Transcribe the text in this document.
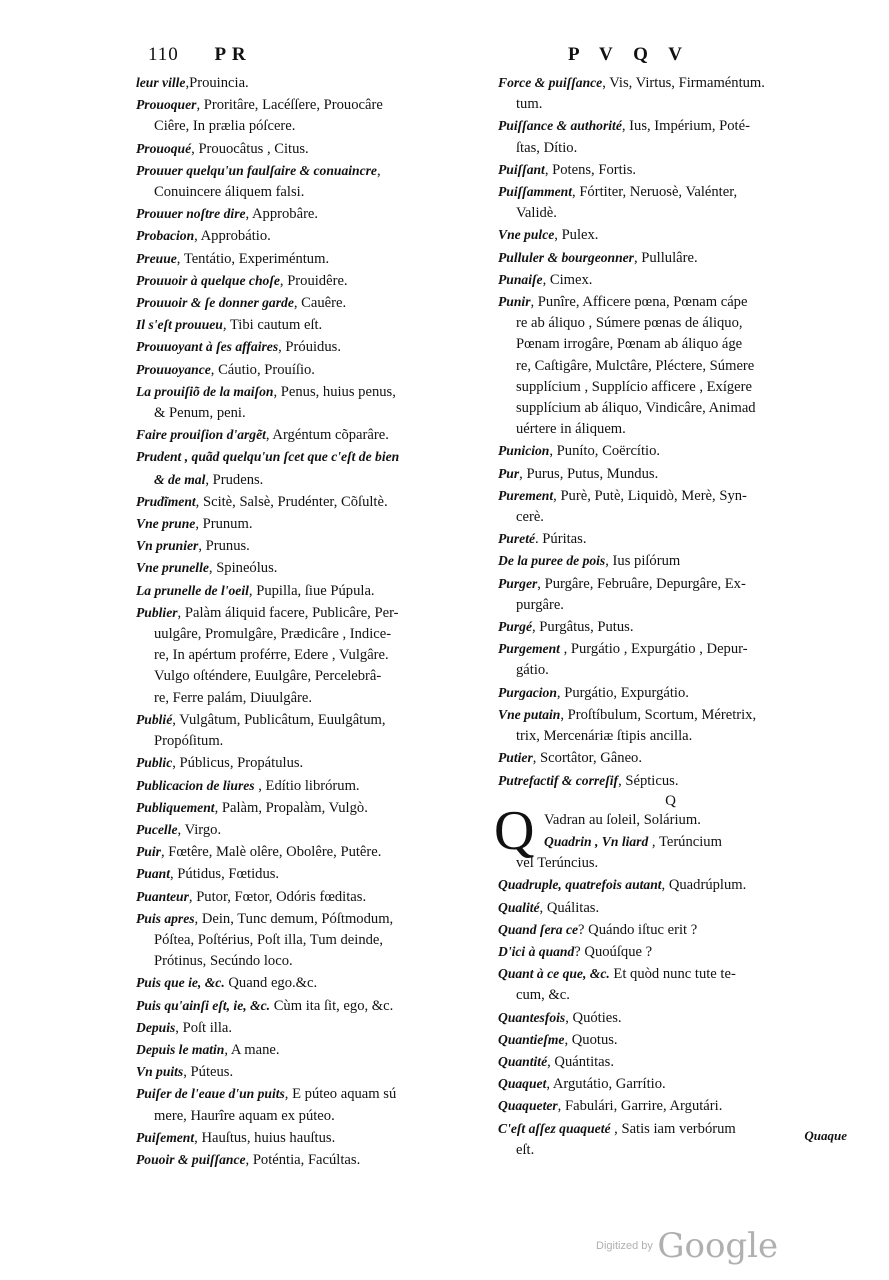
110 P R	P V Q V
leur ville,Prouincia.
Prouoquer, Proritâre, Lacéſſere, Prouocâre
Ciêre, In prælia póſcere.
Prouoqué, Prouocâtus , Citus.
Prouuer quelqu'un faulſaire & conuaincre,
Conuincere áliquem falsi.
Prouuer noſtre dire, Approbâre.
Probacion, Approbátio.
Preuue, Tentátio, Experiméntum.
Prouuoir à quelque choſe, Prouidêre.
Prouuoir & ſe donner garde, Cauêre.
Il s'eſt prouueu, Tibi cautum eſt.
Prouuoyant à ſes affaires, Próuidus.
Prouuoyance, Cáutio, Prouíſio.
La prouiſiõ de la maiſon, Penus, huius penus,
& Penum, peni.
Faire prouiſion d'argẽt, Argéntum cõparâre.
Prudent , quãd quelqu'un ſcet que c'eſt de bien
& de mal, Prudens.
Prudĩment, Scitè, Salsè, Prudénter, Cõſultè.
Vne prune, Prunum.
Vn prunier, Prunus.
Vne prunelle, Spineólus.
La prunelle de l'oeil, Pupilla, ſiue Púpula.
Publier, Palàm áliquid facere, Publicâre, Per-
uulgâre, Promulgâre, Prædicâre , Indice-
re, In apértum proférre, Edere , Vulgâre.
Vulgo oſténdere, Euulgâre, Percelebrâ-
re, Ferre palám, Diuulgâre.
Publié, Vulgâtum, Publicâtum, Euulgâtum,
Propóſitum.
Public, Públicus, Propátulus.
Publicacion de liures , Edítio librórum.
Publiquement, Palàm, Propalàm, Vulgò.
Pucelle, Virgo.
Puir, Fœtêre, Malè olêre, Obolêre, Putêre.
Puant, Pútidus, Fœtidus.
Puanteur, Putor, Fœtor, Odóris fœditas.
Puis apres, Dein, Tunc demum, Póſtmodum,
Póſtea, Poſtérius, Poſt illa, Tum deinde,
Prótinus, Secúndo loco.
Puis que ie, &c. Quand ego.&c.
Puis qu'ainſi eſt, ie, &c. Cùm ita ſit, ego, &c.
Depuis, Poſt illa.
Depuis le matin, A mane.
Vn puits, Púteus.
Puiſer de l'eaue d'un puits, E púteo aquam sú
mere, Haurîre aquam ex púteo.
Puiſement, Hauſtus, huius hauſtus.
Pouoir & puiſſance, Poténtia, Facúltas.
Force & puiſſance, Vis, Virtus, Firmaméntum.
tum.
Puiſſance & authorité, Ius, Impérium, Poté-
ſtas, Dítio.
Puiſſant, Potens, Fortis.
Puiſſamment, Fórtiter, Neruosè, Valénter,
Validè.
Vne pulce, Pulex.
Pulluler & bourgeonner, Pullulâre.
Punaiſe, Cimex.
Punir, Punîre, Afficere pœna, Pœnam cápe
re ab áliquo , Súmere pœnas de áliquo,
Pœnam irrogâre, Pœnam ab áliquo áge
re, Caſtigâre, Mulctâre, Pléctere, Súmere
supplícium , Supplício afficere , Exígere
supplícium ab áliquo, Vindicâre, Animad
uértere in áliquem.
Punicion, Puníto, Coërcítio.
Pur, Purus, Putus, Mundus.
Purement, Purè, Putè, Liquidò, Merè, Syn-
cerè.
Pureté. Púritas.
De la puree de pois, Ius piſórum
Purger, Purgâre, Februâre, Depurgâre, Ex-
purgâre.
Purgé, Purgâtus, Putus.
Purgement , Purgátio , Expurgátio , Depur-
gátio.
Purgacion, Purgátio, Expurgátio.
Vne putain, Proſtíbulum, Scortum, Méretrix,
trix, Mercenáriæ ſtipis ancilla.
Putier, Scortâtor, Gâneo.
Putrefactif & correſif, Sépticus.
Q
Q Vadran au ſoleil, Solárium.
Quadrin , Vn liard , Terúncium
vel Terúncius.
Quadruple, quatrefois autant, Quadrúplum.
Qualité, Quálitas.
Quand ſera ce? Quándo iſtuc erit ?
D'ici à quand? Quoúſque ?
Quant à ce que, &c. Et quòd nunc tute te-
cum, &c.
Quantesfois, Quóties.
Quantieſme, Quotus.
Quantité, Quántitas.
Quaquet, Argutátio, Garrítio.
Quaqueter, Fabulári, Garrire, Argutári.
C'eſt aſſez quaqueté , Satis iam verbórum
eſt.
Quaque
Digitized by Google
